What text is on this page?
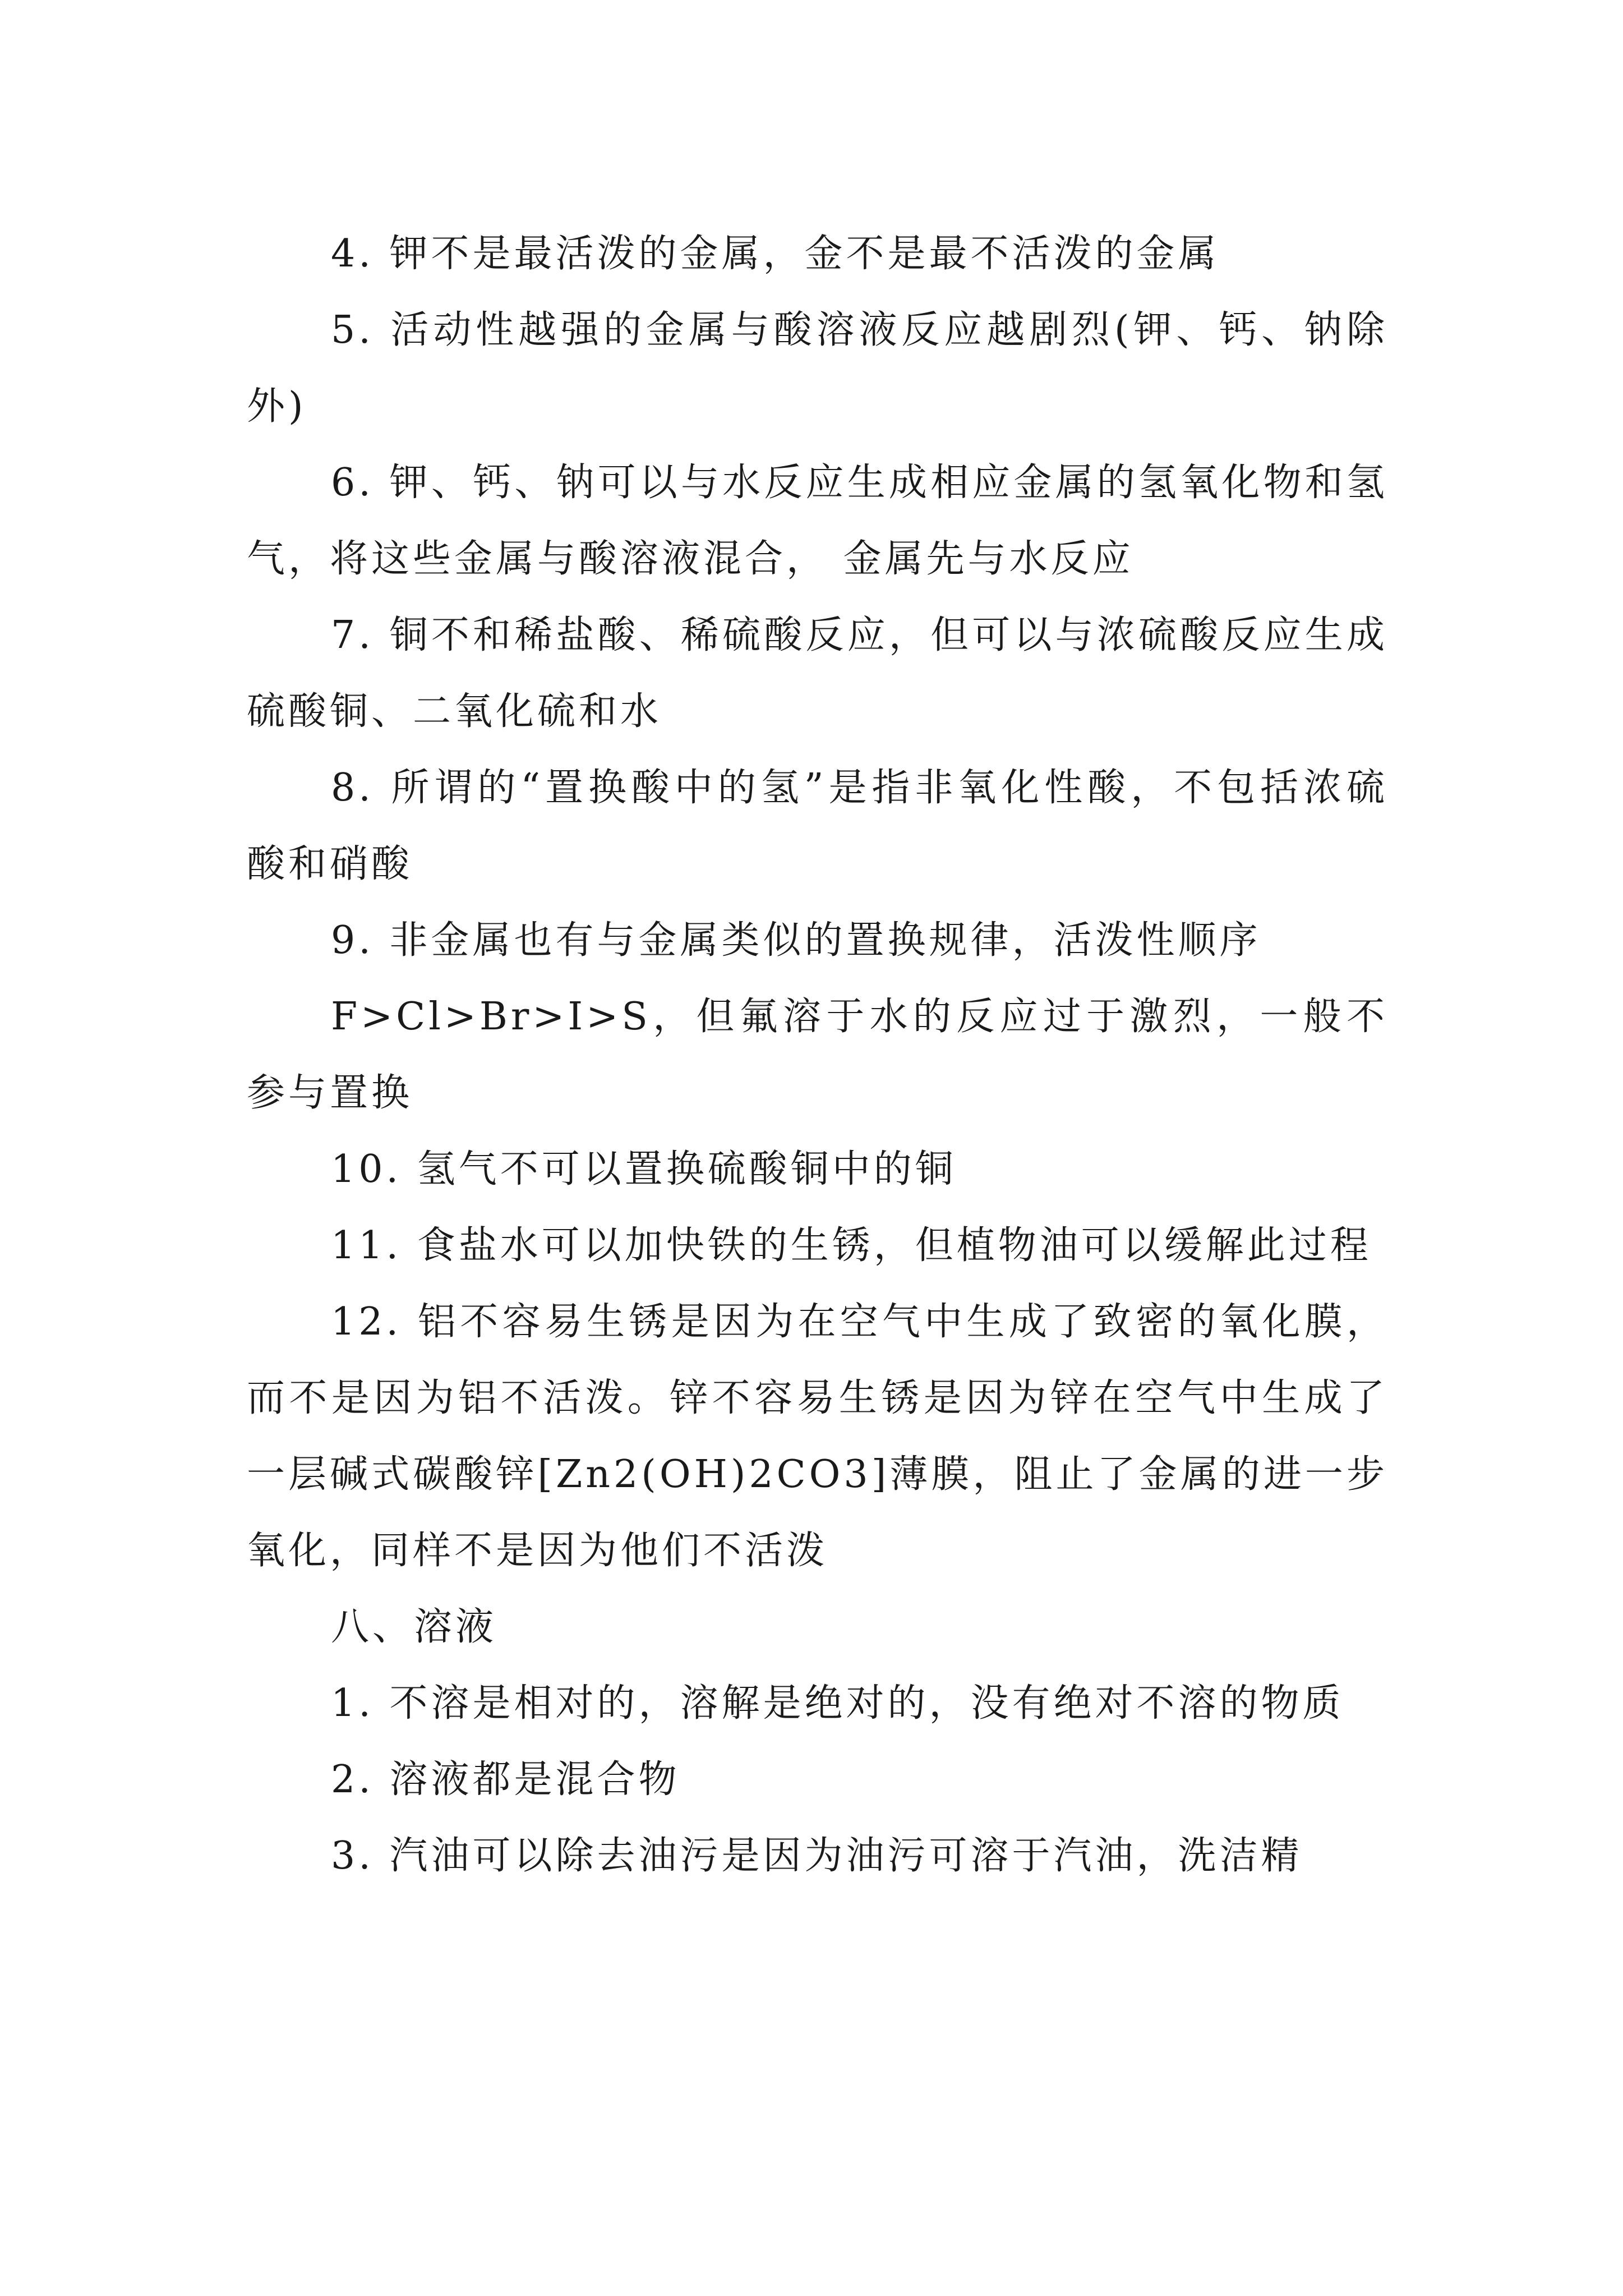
4. 钾不是最活泼的金属，金不是最不活泼的金属

5. 活动性越强的金属与酸溶液反应越剧烈(钾、钙、钠除外)

6. 钾、钙、钠可以与水反应生成相应金属的氢氧化物和氢气，将这些金属与酸溶液混合， 金属先与水反应

7. 铜不和稀盐酸、稀硫酸反应，但可以与浓硫酸反应生成硫酸铜、二氧化硫和水

8. 所谓的“置换酸中的氢”是指非氧化性酸，不包括浓硫酸和硝酸

9. 非金属也有与金属类似的置换规律，活泼性顺序

F>Cl>Br>I>S，但氟溶于水的反应过于激烈，一般不参与置换

10. 氢气不可以置换硫酸铜中的铜

11. 食盐水可以加快铁的生锈，但植物油可以缓解此过程

12. 铝不容易生锈是因为在空气中生成了致密的氧化膜，而不是因为铝不活泼。锌不容易生锈是因为锌在空气中生成了一层碱式碳酸锌[Zn2(OH)2CO3]薄膜，阻止了金属的进一步氧化，同样不是因为他们不活泼

八、溶液

1. 不溶是相对的，溶解是绝对的，没有绝对不溶的物质

2. 溶液都是混合物

3. 汽油可以除去油污是因为油污可溶于汽油，洗洁精
